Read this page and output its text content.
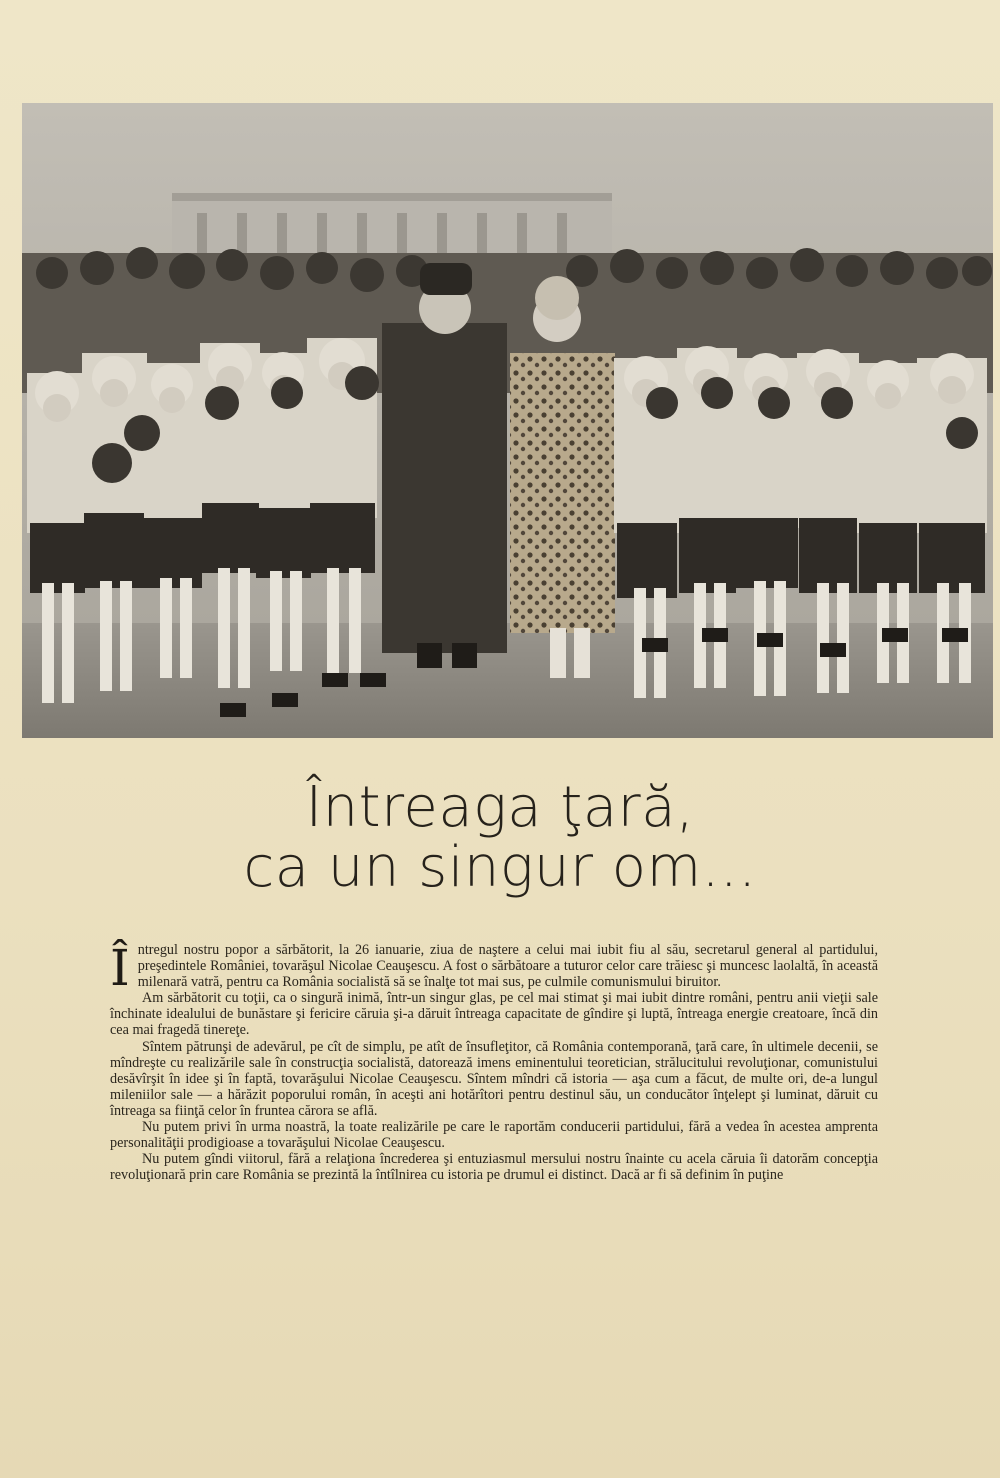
Întreaga ţară,
ca un singur om...

Întregul nostru popor a sărbătorit, la 26 ianuarie, ziua de naştere a celui mai iubit fiu al său, secretarul general al partidului, preşedintele României, tovarăşul Nicolae Ceauşescu. A fost o sărbătoare a tuturor celor care trăiesc şi muncesc laolaltă, în această milenară vatră, pentru ca România socialistă să se înalţe tot mai sus, pe culmile comunismului biruitor.

Am sărbătorit cu toţii, ca o singură inimă, într-un singur glas, pe cel mai stimat şi mai iubit dintre români, pentru anii vieţii sale închinate idealului de bunăstare şi fericire căruia şi-a dăruit întreaga capacitate de gîndire şi luptă, întreaga energie creatoare, încă din cea mai fragedă tinereţe.

Sîntem pătrunşi de adevărul, pe cît de simplu, pe atît de însufleţitor, că România contemporană, ţară care, în ultimele decenii, se mîndreşte cu realizările sale în construcţia socialistă, datorează imens eminentului teoretician, strălucitului revoluţionar, comunistului desăvîrşit în idee şi în faptă, tovarăşului Nicolae Ceauşescu. Sîntem mîndri că istoria — aşa cum a făcut, de multe ori, de-a lungul mileniilor sale — a hărăzit poporului român, în aceşti ani hotărîtori pentru destinul său, un conducător înţelept şi luminat, dăruit cu întreaga sa fiinţă celor în fruntea cărora se află.

Nu putem privi în urma noastră, la toate realizările pe care le raportăm conducerii partidului, fără a vedea în acestea amprenta personalităţii prodigioase a tovarăşului Nicolae Ceauşescu.

Nu putem gîndi viitorul, fără a relaţiona încrederea şi entuziasmul mersului nostru înainte cu acela căruia îi datorăm concepţia revoluţionară prin care România se prezintă la întîlnirea cu istoria pe drumul ei distinct. Dacă ar fi să definim în puţine
